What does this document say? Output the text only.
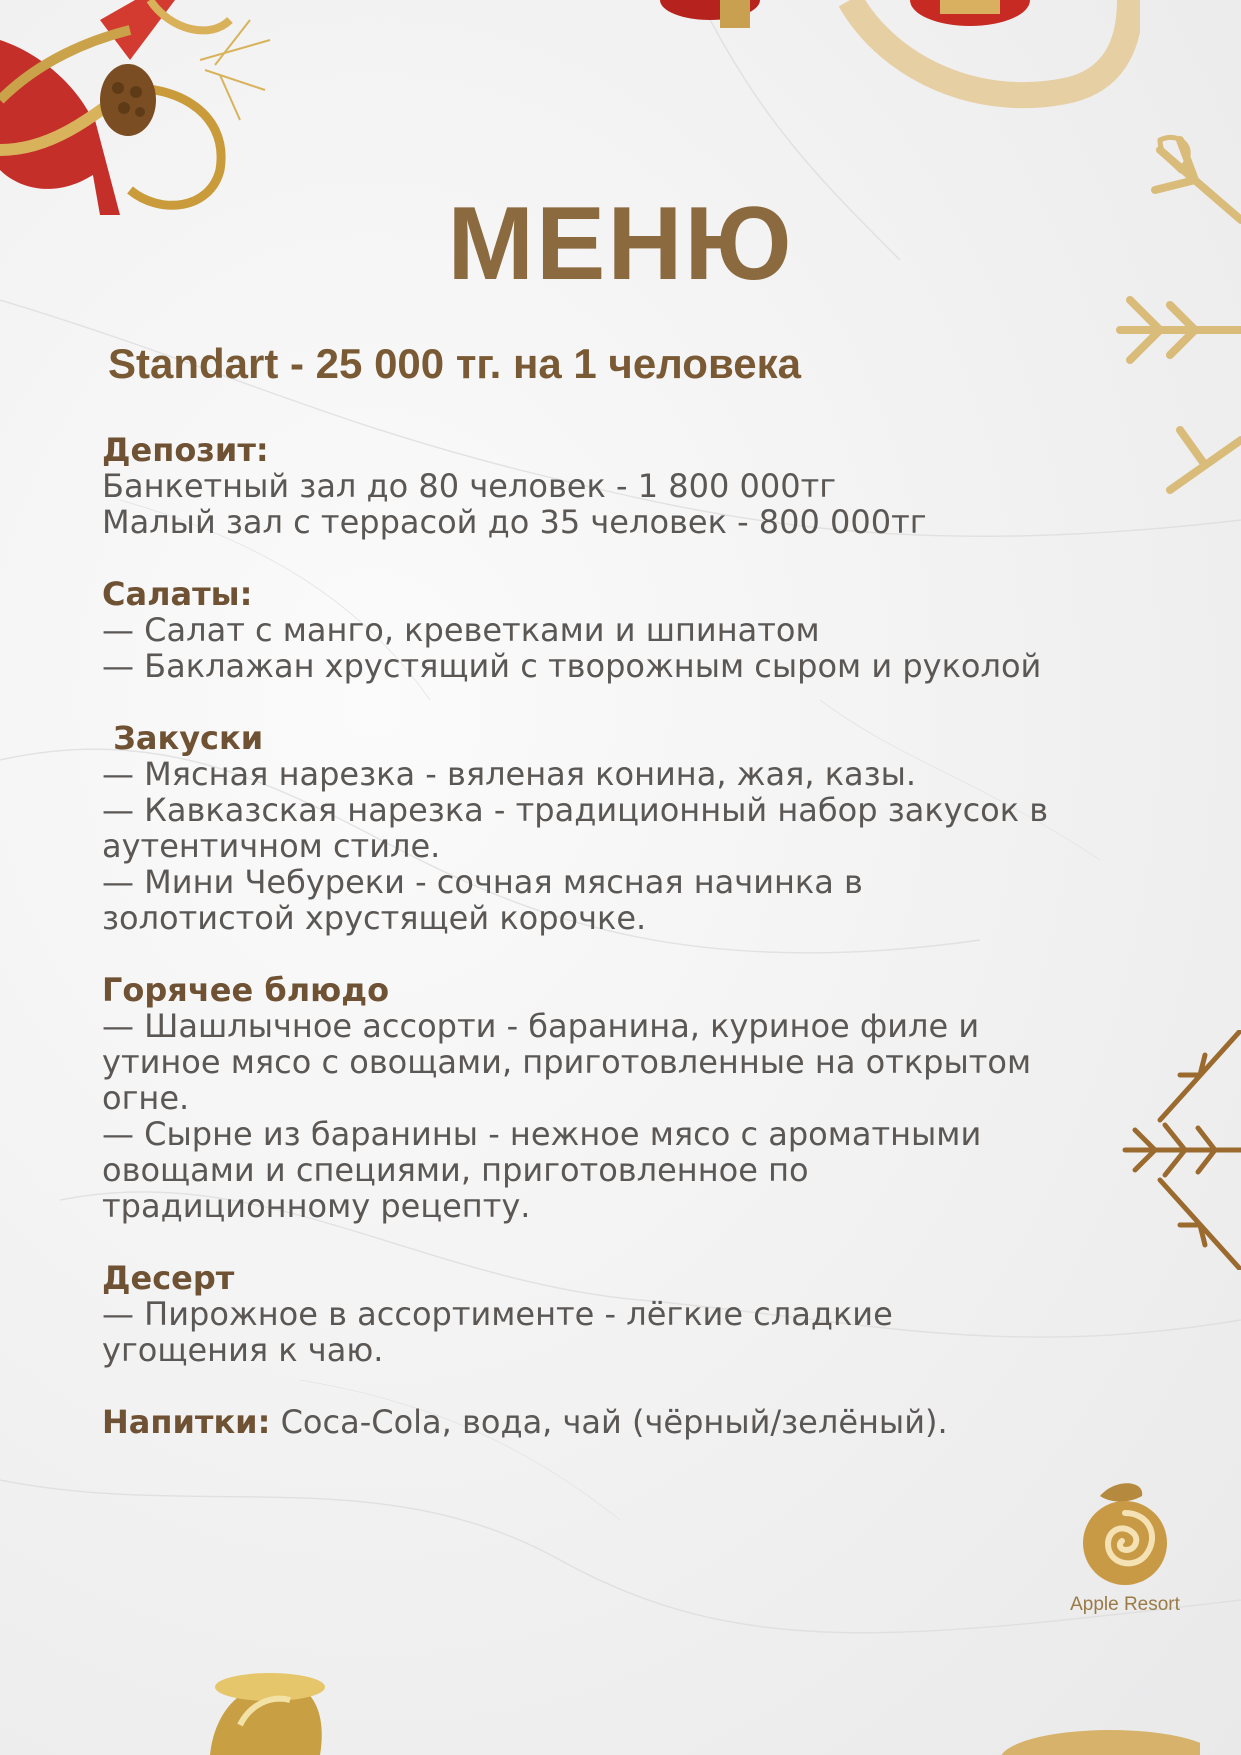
МЕНЮ
Standart - 25 000 тг. на 1 человека
Депозит:
Банкетный зал до 80 человек - 1 800 000тг
Малый зал с террасой до 35 человек - 800 000тг
Салаты:
— Салат с манго, креветками и шпинатом
— Баклажан хрустящий с творожным сыром и руколой
Закуски
— Мясная нарезка - вяленая конина, жая, казы.
— Кавказская нарезка - традиционный набор закусок в
аутентичном стиле.
— Мини Чебуреки - сочная мясная начинка в
золотистой хрустящей корочке.
Горячее блюдо
— Шашлычное ассорти - баранина, куриное филе и
утиное мясо с овощами, приготовленные на открытом
огне.
— Сырне из баранины - нежное мясо с ароматными
овощами и специями, приготовленное по
традиционному рецепту.
Десерт
— Пирожное в ассортименте - лёгкие сладкие
угощения к чаю.
Напитки: Coca-Cola, вода, чай (чёрный/зелёный).
Apple Resort
